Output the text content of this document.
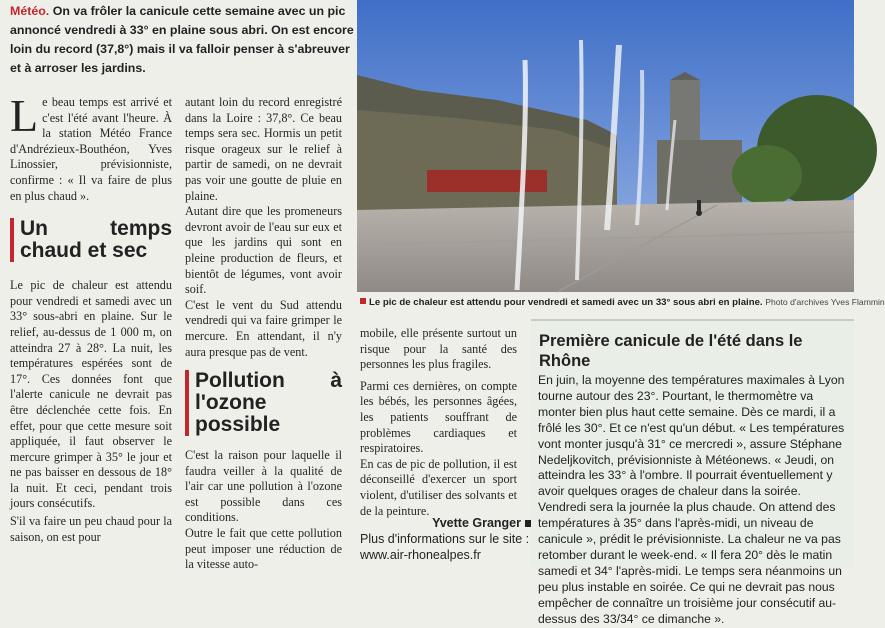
Météo. On va frôler la canicule cette semaine avec un pic annoncé vendredi à 33° en plaine sous abri. On est encore loin du record (37,8°) mais il va falloir penser à s'abreuver et à arroser les jardins.

Le beau temps est arrivé et c'est l'été avant l'heure. À la station Météo France d'Andrézieux-Bouthéon, Yves Linossier, prévisionniste, confirme : « Il va faire de plus en plus chaud ».

Un temps chaud et sec

Le pic de chaleur est attendu pour vendredi et samedi avec un 33° sous-abri en plaine. Sur le relief, au-dessus de 1 000 m, on atteindra 27 à 28°. La nuit, les températures espérées sont de 17°. Ces données font que l'alerte canicule ne devrait pas être déclenchée cette fois. En effet, pour que cette mesure soit appliquée, il faut observer le mercure grimper à 35° le jour et ne pas baisser en dessous de 18° la nuit. Et ceci, pendant trois jours consécutifs.

S'il va faire un peu chaud pour la saison, on est pour

autant loin du record enregistré dans la Loire : 37,8°. Ce beau temps sera sec. Hormis un petit risque orageux sur le relief à partir de samedi, on ne devrait pas voir une goutte de pluie en plaine.

Autant dire que les promeneurs devront avoir de l'eau sur eux et que les jardins qui sont en pleine production de fleurs, et bientôt de légumes, vont avoir soif.

C'est le vent du Sud attendu vendredi qui va faire grimper le mercure. En attendant, il n'y aura presque pas de vent.

Pollution à l'ozone possible

C'est la raison pour laquelle il faudra veiller à la qualité de l'air car une pollution à l'ozone est possible dans ces conditions.

Outre le fait que cette pollution peut imposer une réduction de la vitesse auto-

Le pic de chaleur est attendu pour vendredi et samedi avec un 33° sous abri en plaine. Photo d'archives Yves Flammin

mobile, elle présente surtout un risque pour la santé des personnes les plus fragiles.

Parmi ces dernières, on compte les bébés, les personnes âgées, les patients souffrant de problèmes cardiaques et respiratoires.

En cas de pic de pollution, il est déconseillé d'exercer un sport violent, d'utiliser des solvants et de la peinture.

Yvette Granger
Plus d'informations sur le site :
www.air-rhonealpes.fr
Première canicule de l'été dans le Rhône
En juin, la moyenne des températures maximales à Lyon tourne autour des 23°. Pourtant, le thermomètre va monter bien plus haut cette semaine. Dès ce mardi, il a frôlé les 30°. Et ce n'est qu'un début. « Les températures vont monter jusqu'à 31° ce mercredi », assure Stéphane Nedeljkovitch, prévisionniste à Météonews. « Jeudi, on atteindra les 33° à l'ombre. Il pourrait éventuellement y avoir quelques orages de chaleur dans la soirée. Vendredi sera la journée la plus chaude. On attend des températures à 35° dans l'après-midi, un niveau de canicule », prédit le prévisionniste. La chaleur ne va pas retomber durant le week-end. « Il fera 20° dès le matin samedi et 34° l'après-midi. Le temps sera néanmoins un peu plus instable en soirée. Ce qui ne devrait pas nous empêcher de connaître un troisième jour consécutif au-dessus des 33/34° ce dimanche ».
